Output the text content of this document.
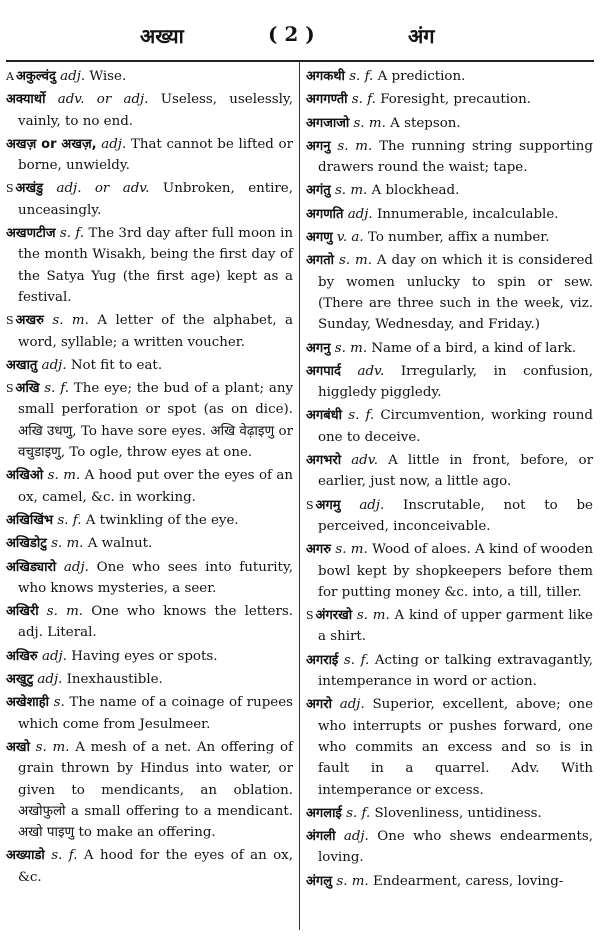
अख्या	( 2 )	अंग

A अकुल्वंदु adj. Wise.

अक्यार्थो adv. or adj. Useless, uselessly, vainly, to no end.

अखज़ or अखज़, adj. That cannot be lifted or borne, unwieldy.

S अखंडु adj. or adv. Unbroken, entire, unceasingly.

अखणटीज s. f. The 3rd day after full moon in the month Wisakh, being the first day of the Satya Yug (the first age) kept as a festival.

S अखरु s. m. A letter of the alphabet, a word, syllable; a written voucher.

अखातु adj. Not fit to eat.

S अखि s. f. The eye; the bud of a plant; any small perforation or spot (as on dice). अखि उधणु, To have sore eyes. अखि वेढ़ाइणु or वचुडाइणु, To ogle, throw eyes at one.

अखिओ s. m. A hood put over the eyes of an ox, camel, &c. in working.

अखिखिंभ s. f. A twinkling of the eye.

अखिडोटु s. m. A walnut.

अखिड्यारो adj. One who sees into futurity, who knows mysteries, a seer.

अखिरी s. m. One who knows the letters. adj. Literal.

अखिरु adj. Having eyes or spots.

अखुटु adj. Inexhaustible.

अखेशाही s. The name of a coinage of rupees which come from Jesulmeer.

अखो s. m. A mesh of a net. An offering of grain thrown by Hindus into water, or given to mendicants, an oblation. अखोफुलो a small offering to a mendicant. अखो पाइणु to make an offering.

अख्याडो s. f. A hood for the eyes of an ox, &c.

अगकथी s. f. A prediction.

अगगण्ती s. f. Foresight, precaution.

अगजाजो s. m. A stepson.

अगनु s. m. The running string supporting drawers round the waist; tape.

अगंतु s. m. A blockhead.

अगणति adj. Innumerable, incalculable.

अगणु v. a. To number, affix a number.

अगतो s. m. A day on which it is considered by women unlucky to spin or sew. (There are three such in the week, viz. Sunday, Wednesday, and Friday.)

अगनु s. m. Name of a bird, a kind of lark.

अगपार्द adv. Irregularly, in confusion, higgledy piggledy.

अगबंधी s. f. Circumvention, working round one to deceive.

अगभरो adv. A little in front, before, or earlier, just now, a little ago.

S अगमु adj. Inscrutable, not to be perceived, inconceivable.

अगरु s. m. Wood of aloes. A kind of wooden bowl kept by shopkeepers before them for putting money &c. into, a till, tiller.

S अंगरखो s. m. A kind of upper garment like a shirt.

अगराई s. f. Acting or talking extravagantly, intemperance in word or action.

अगरो adj. Superior, excellent, above; one who interrupts or pushes forward, one who commits an excess and so is in fault in a quarrel. Adv. With intemperance or excess.

अगलाई s. f. Slovenliness, untidiness.

अंगली adj. One who shews endearments, loving.

अंगलु s. m. Endearment, caress, loving-
